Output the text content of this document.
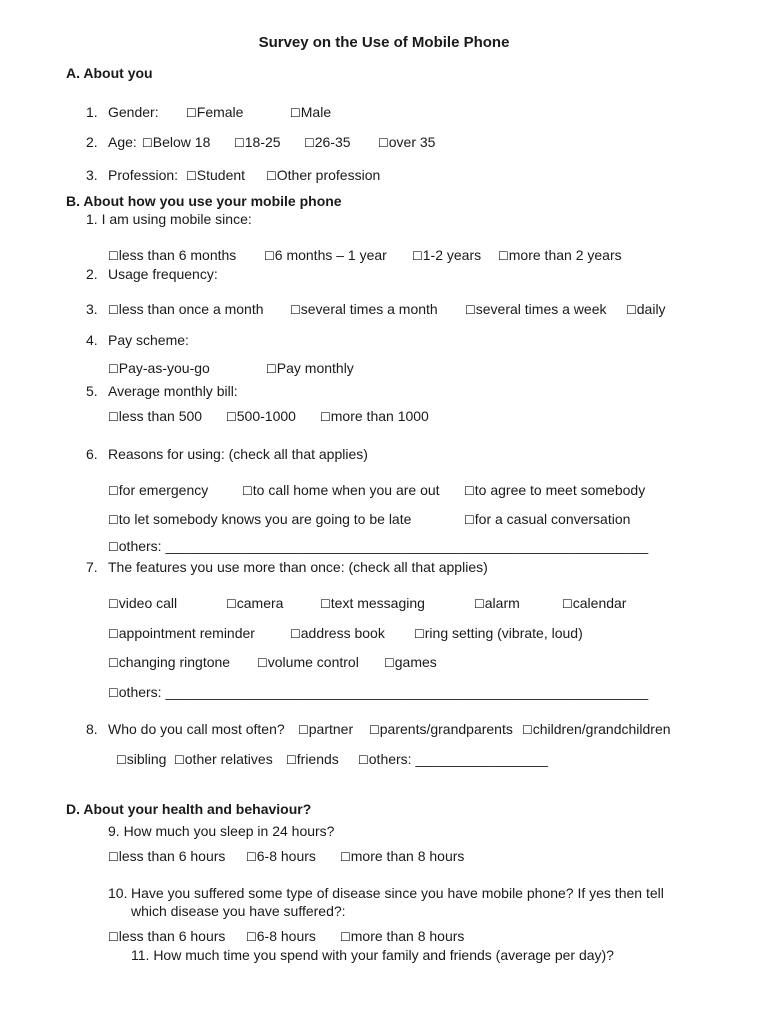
Survey on the Use of Mobile Phone
A. About you
1. Gender: ☐Female	☐Male
2. Age: ☐Below 18 ☐18-25 ☐26-35 ☐over 35
3. Profession: ☐Student ☐Other profession
B. About how you use your mobile phone
1. I am using mobile since:
☐less than 6 months ☐6 months – 1 year ☐1-2 years ☐more than 2 years
2. Usage frequency:
3. ☐less than once a month ☐several times a month ☐several times a week ☐daily
4. Pay scheme:
☐Pay-as-you-go	☐Pay monthly
5. Average monthly bill:
☐less than 500 ☐500-1000 ☐more than 1000
6. Reasons for using: (check all that applies)
☐for emergency	☐to call home when you are out ☐to agree to meet somebody
☐to let somebody knows you are going to be late	☐for a casual conversation
☐others: ______________________________________________________________
7. The features you use more than once: (check all that applies)
☐video call	☐camera	☐text messaging	☐alarm	☐calendar
☐appointment reminder	☐address book ☐ring setting (vibrate, loud)
☐changing ringtone ☐volume control ☐games
☐others: ______________________________________________________________
8. Who do you call most often? ☐partner ☐parents/grandparents ☐children/grandchildren
☐sibling ☐other relatives ☐friends ☐others: _________________
D. About your health and behaviour?
9. How much you sleep in 24 hours?
☐less than 6 hours ☐6-8 hours ☐more than 8 hours
10. Have you suffered some type of disease since you have mobile phone? If yes then tell
which disease you have suffered?:
☐less than 6 hours ☐6-8 hours ☐more than 8 hours
11. How much time you spend with your family and friends (average per day)?
